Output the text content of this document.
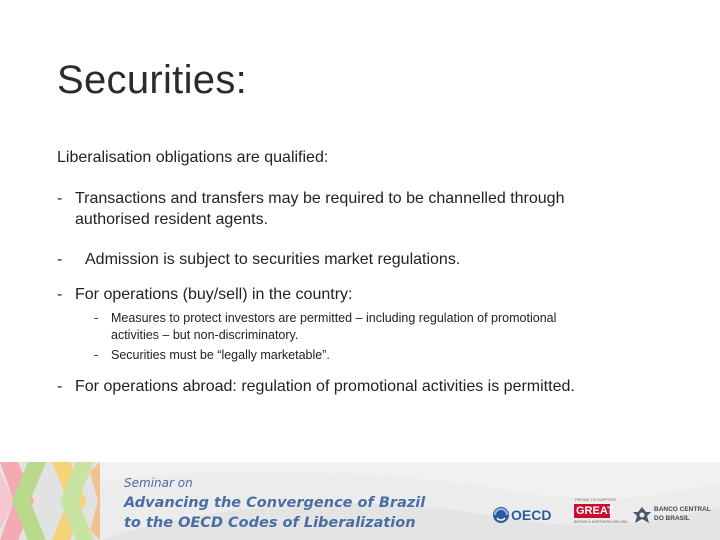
Securities:
Liberalisation obligations are qualified:
- Transactions and transfers may be required to be channelled through
authorised resident agents.
- Admission is subject to securities market regulations.
- For operations (buy/sell) in the country:
- Measures to protect investors are permitted – including regulation of promotional
activities – but non-discriminatory.
- Securities must be “legally marketable”.
- For operations abroad: regulation of promotional activities is permitted.
Seminar on
Advancing the Convergence of Brazil
to the OECD Codes of Liberalization	OECD
PROUD TO SUPPORT
GREAT
BRITAIN & NORTHERN IRELAND
BANCO CENTRAL
DO BRASIL
